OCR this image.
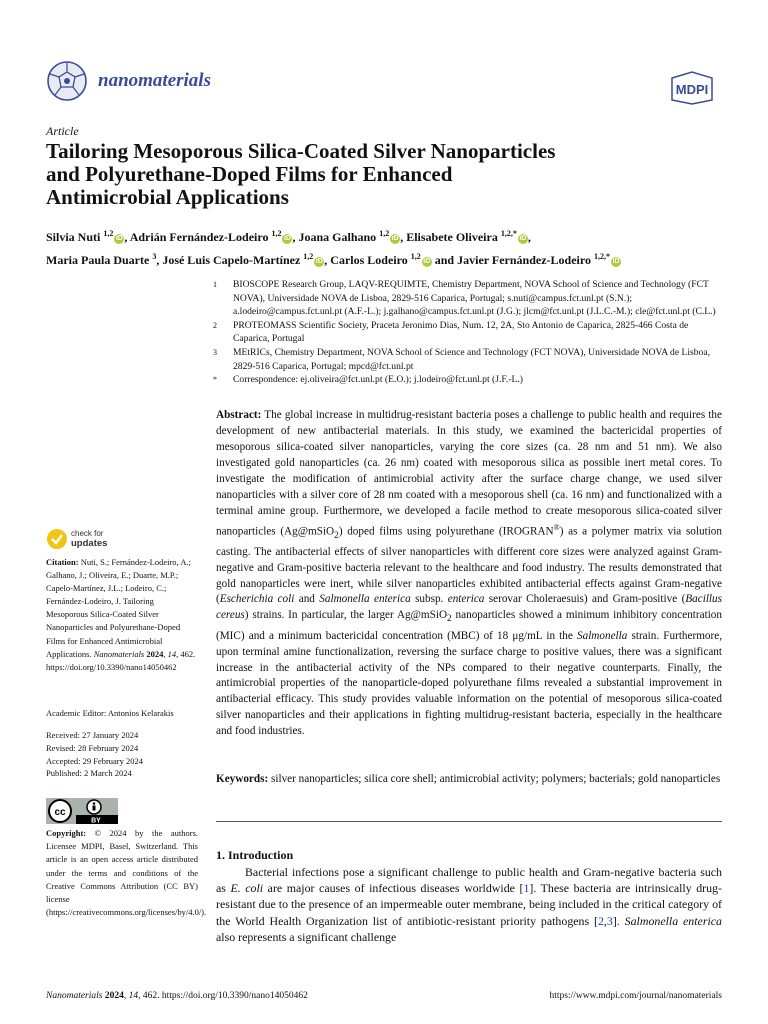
nanomaterials	MDPI
Article
Tailoring Mesoporous Silica-Coated Silver Nanoparticles
and Polyurethane-Doped Films for Enhanced
Antimicrobial Applications
Silvia Nuti $^{1,2}$iD , Adrián Fernández-Lodeiro $^{1,2}$iD , Joana Galhano $^{1,2}$iD , Elisabete Oliveira $^{1,2,*}$iD ,
Maria Paula Duarte $^3$, José Luis Capelo-Martínez $^{1,2}$iD , Carlos Lodeiro $^{1,2}$iD and Javier Fernández-Lodeiro $^{1,2,*}$iD
1	BIOSCOPE Research Group, LAQV-REQUIMTE, Chemistry Department, NOVA School of Science and Technology (FCT NOVA), Universidade NOVA de Lisboa, 2829-516 Caparica, Portugal; s.nuti@campus.fct.unl.pt (S.N.); a.lodeiro@campus.fct.unl.pt (A.F.-L.); j.galhano@campus.fct.unl.pt (J.G.); jlcm@fct.unl.pt (J.L.C.-M.); cle@fct.unl.pt (C.L.)
2	PROTEOMASS Scientific Society, Praceta Jeronimo Dias, Num. 12, 2A, Sto Antonio de Caparica, 2825-466 Costa de Caparica, Portugal
3	MEtRICs, Chemistry Department, NOVA School of Science and Technology (FCT NOVA), Universidade NOVA de Lisboa, 2829-516 Caparica, Portugal; mpcd@fct.unl.pt
*	Correspondence: ej.oliveira@fct.unl.pt (E.O.); j.lodeiro@fct.unl.pt (J.F.-L.)

Abstract: The global increase in multidrug-resistant bacteria poses a challenge to public health and requires the development of new antibacterial materials. In this study, we examined the bactericidal properties of mesoporous silica-coated silver nanoparticles, varying the core sizes (ca. 28 nm and 51 nm). We also investigated gold nanoparticles (ca. 26 nm) coated with mesoporous silica as possible inert metal cores. To investigate the modification of antimicrobial activity after the surface charge change, we used silver nanoparticles with a silver core of 28 nm coated with a mesoporous shell (ca. 16 nm) and functionalized with a terminal amine group. Furthermore, we developed a facile method to create mesoporous silica-coated silver nanoparticles (Ag@mSiO$_2$) doped films using polyurethane (IROGRAN®) as a polymer matrix via solution casting. The antibacterial effects of silver nanoparticles with different core sizes were analyzed against Gram-negative and Gram-positive bacteria relevant to the healthcare and food industry. The results demonstrated that gold nanoparticles were inert, while silver nanoparticles exhibited antibacterial effects against Gram-negative (Escherichia coli and Salmonella enterica subsp. enterica serovar Choleraesuis) and Gram-positive (Bacillus cereus) strains. In particular, the larger Ag@mSiO$_2$ nanoparticles showed a minimum inhibitory concentration (MIC) and a minimum bactericidal concentration (MBC) of 18 μg/mL in the Salmonella strain. Furthermore, upon terminal amine functionalization, reversing the surface charge to positive values, there was a significant increase in the antibacterial activity of the NPs compared to their negative counterparts. Finally, the antimicrobial properties of the nanoparticle-doped polyurethane films revealed a substantial improvement in antibacterial efficacy. This study provides valuable information on the potential of mesoporous silica-coated silver nanoparticles and their applications in fighting multidrug-resistant bacteria, especially in the healthcare and food industries.

Keywords: silver nanoparticles; silica core shell; antimicrobial activity; polymers; bacterials; gold nanoparticles

1. Introduction

Bacterial infections pose a significant challenge to public health and Gram-negative bacteria such as E. coli are major causes of infectious diseases worldwide [1]. These bacteria are intrinsically drug-resistant due to the presence of an impermeable outer membrane, being included in the critical category of the World Health Organization list of antibiotic-resistant priority pathogens [2,3]. Salmonella enterica also represents a significant challenge

check for
updates

Citation: Nuti, S.; Fernández-Lodeiro, A.; Galhano, J.; Oliveira, E.; Duarte, M.P.; Capelo-Martínez, J.L.; Lodeiro, C.; Fernández-Lodeiro, J. Tailoring Mesoporous Silica-Coated Silver Nanoparticles and Polyurethane-Doped Films for Enhanced Antimicrobial Applications. Nanomaterials 2024, 14, 462. https://doi.org/10.3390/nano14050462

Academic Editor: Antonios Kelarakis
Received: 27 January 2024
Revised: 28 February 2024
Accepted: 29 February 2024
Published: 2 March 2024
cc
BY

Copyright: © 2024 by the authors. Licensee MDPI, Basel, Switzerland. This article is an open access article distributed under the terms and conditions of the Creative Commons Attribution (CC BY) license (https://creativecommons.org/licenses/by/4.0/).

Nanomaterials 2024, 14, 462. https://doi.org/10.3390/nano14050462	https://www.mdpi.com/journal/nanomaterials
